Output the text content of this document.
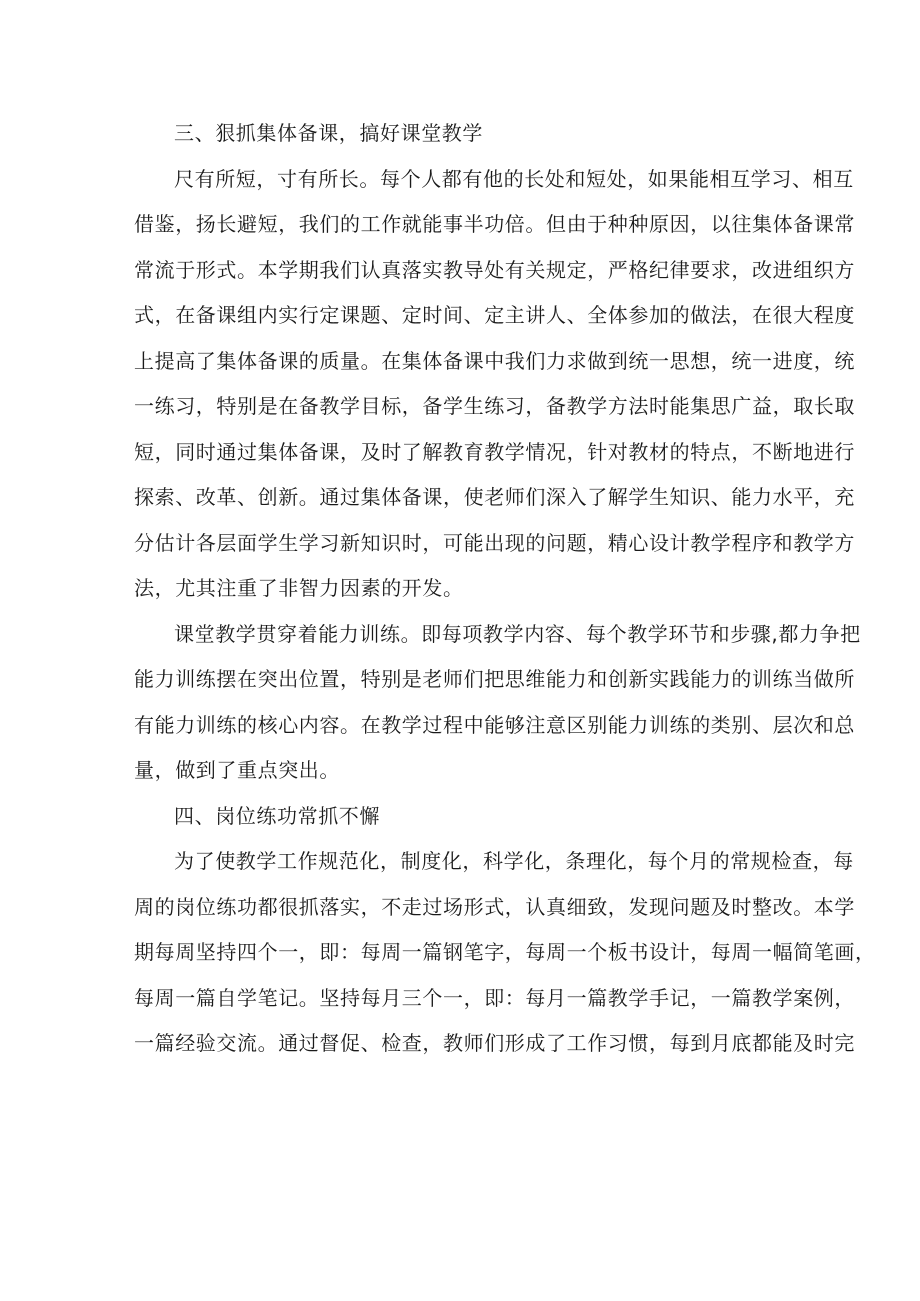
三、狠抓集体备课，搞好课堂教学
尺有所短，寸有所长。每个人都有他的长处和短处，如果能相互学习、相互
借鉴，扬长避短，我们的工作就能事半功倍。但由于种种原因，以往集体备课常
常流于形式。本学期我们认真落实教导处有关规定，严格纪律要求，改进组织方
式，在备课组内实行定课题、定时间、定主讲人、全体参加的做法，在很大程度
上提高了集体备课的质量。在集体备课中我们力求做到统一思想，统一进度，统
一练习，特别是在备教学目标，备学生练习，备教学方法时能集思广益，取长取
短，同时通过集体备课，及时了解教育教学情况，针对教材的特点，不断地进行
探索、改革、创新。通过集体备课，使老师们深入了解学生知识、能力水平，充
分估计各层面学生学习新知识时，可能出现的问题，精心设计教学程序和教学方
法，尤其注重了非智力因素的开发。
课堂教学贯穿着能力训练。即每项教学内容、每个教学环节和步骤,都力争把
能力训练摆在突出位置，特别是老师们把思维能力和创新实践能力的训练当做所
有能力训练的核心内容。在教学过程中能够注意区别能力训练的类别、层次和总
量，做到了重点突出。
四、岗位练功常抓不懈
为了使教学工作规范化，制度化，科学化，条理化，每个月的常规检查，每
周的岗位练功都很抓落实，不走过场形式，认真细致，发现问题及时整改。本学
期每周坚持四个一，即：每周一篇钢笔字，每周一个板书设计，每周一幅简笔画，
每周一篇自学笔记。坚持每月三个一，即：每月一篇教学手记，一篇教学案例，
一篇经验交流。通过督促、检查，教师们形成了工作习惯，每到月底都能及时完
